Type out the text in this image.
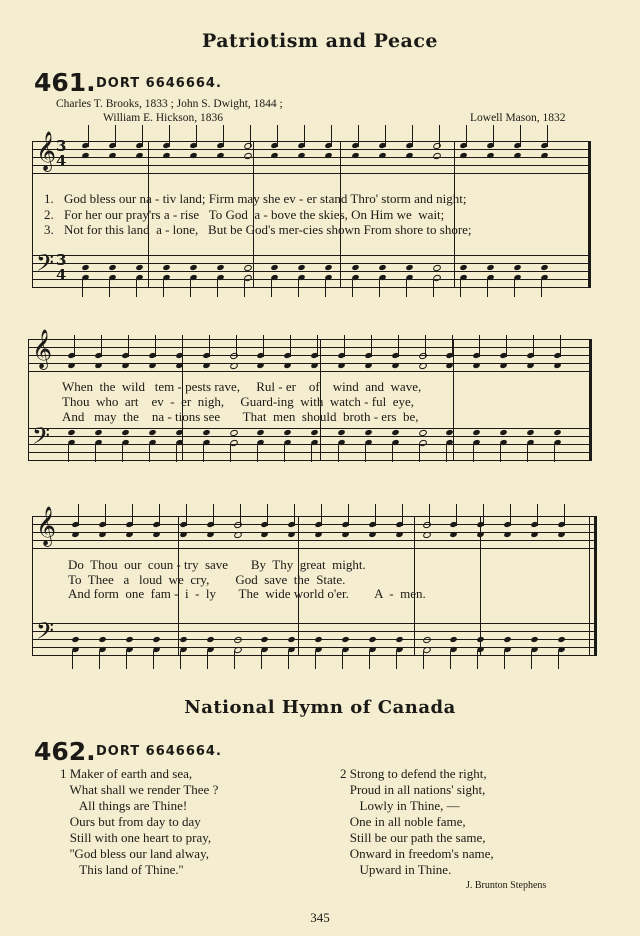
Patriotism and Peace
461. DORT 6646664.
Charles T. Brooks, 1833 ; John S. Dwight, 1844 ;
William E. Hickson, 1836	Lowell Mason, 1832
𝄞 3
4
𝄢 3
4
𝄞
𝄢
𝄞
𝄢
1.
2.
3.
God bless our na - tiv land; Firm may she ev - er stand Thro' storm and night;
For her our pray'rs a - rise   To God  a - bove the skies, On Him we  wait;
Not for this land  a - lone,   But be God's mer-cies shown From shore to shore;
When  the  wild   tem - pests rave,     Rul - er    of    wind  and  wave,
Thou  who  art    ev  -  er  nigh,     Guard-ing  with  watch - ful  eye,
And   may  the    na - tions see       That  men  should  broth - ers  be,
Do  Thou  our  coun - try  save       By  Thy  great  might.
To  Thee   a   loud  we  cry,        God  save  the  State.
And form  one  fam -  i  -  ly       The  wide world o'er.        A  -  men.
National Hymn of Canada
462. DORT 6646664.
1 Maker of earth and sea,
What shall we render Thee ?
All things are Thine!
Ours but from day to day
Still with one heart to pray,
''God bless our land alway,
This land of Thine.''
2 Strong to defend the right,
Proud in all nations' sight,
Lowly in Thine, —
One in all noble fame,
Still be our path the same,
Onward in freedom's name,
Upward in Thine.
J. Brunton Stephens
345
